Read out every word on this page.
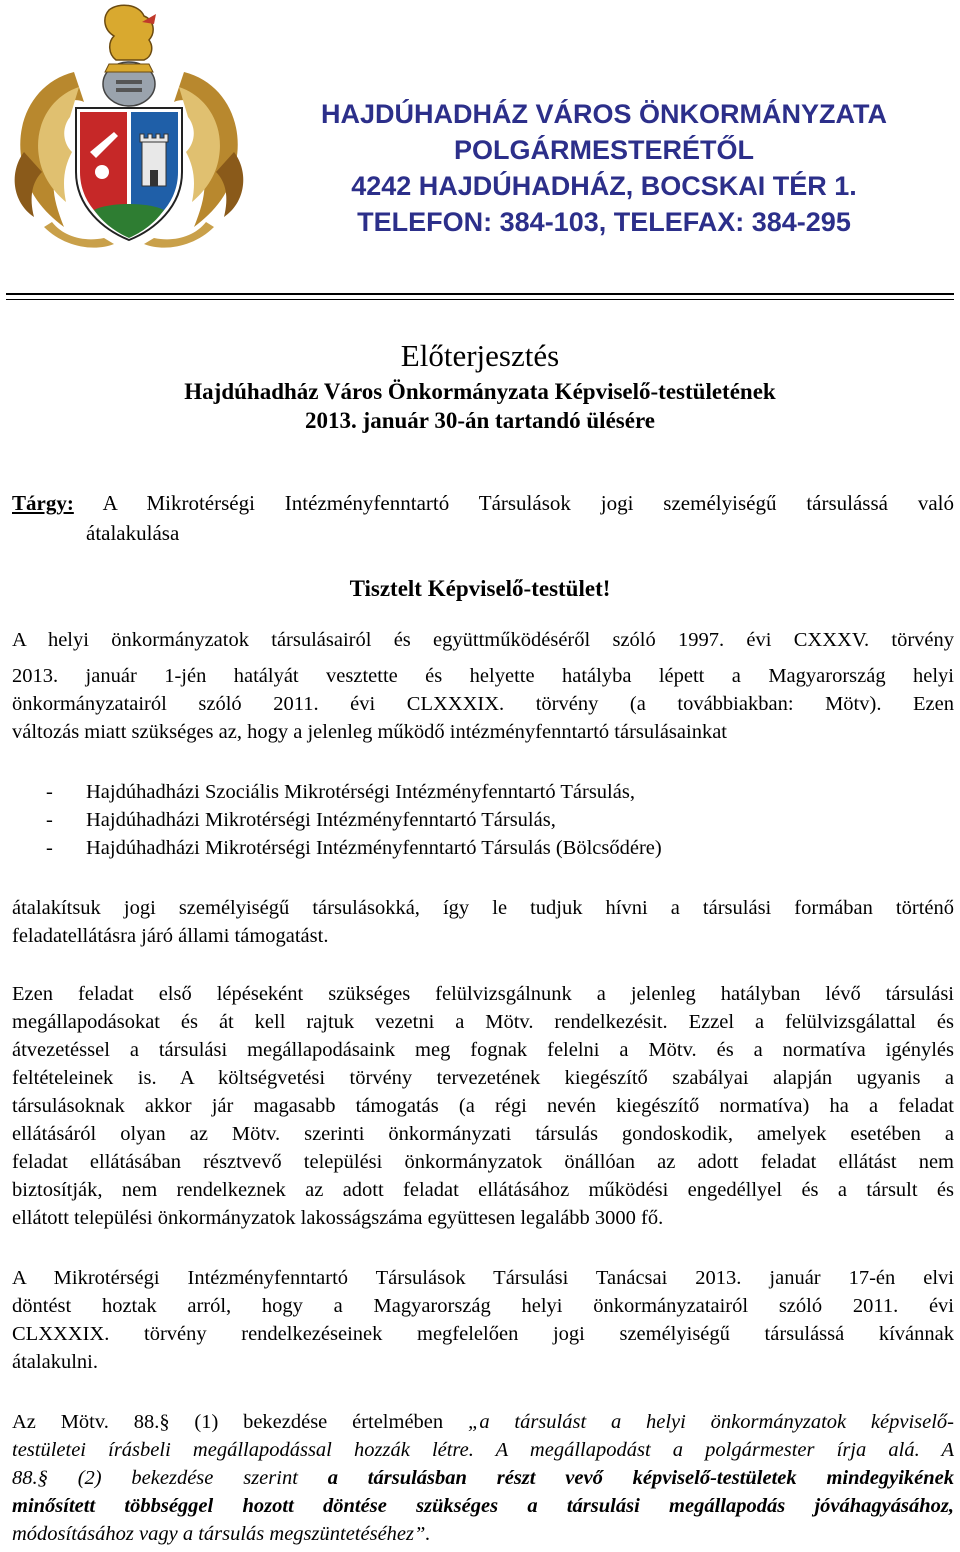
HAJDÚHADHÁZ VÁROS ÖNKORMÁNYZATA
POLGÁRMESTERÉTŐL
4242 HAJDÚHADHÁZ, BOCSKAI TÉR 1.
TELEFON: 384-103, TELEFAX: 384-295
Előterjesztés
Hajdúhadház Város Önkormányzata Képviselő-testületének
2013. január 30-án tartandó ülésére
Tárgy: A Mikrotérségi Intézményfenntartó Társulások jogi személyiségű társulássá való
átalakulása
Tisztelt Képviselő-testület!
A helyi önkormányzatok társulásairól és együttműködéséről szóló 1997. évi CXXXV. törvény
2013. január 1-jén hatályát vesztette és helyette hatályba lépett a Magyarország helyi
önkormányzatairól szóló 2011. évi CLXXXIX. törvény (a továbbiakban: Mötv). Ezen
változás miatt szükséges az, hogy a jelenleg működő intézményfenntartó társulásainkat
- Hajdúhadházi Szociális Mikrotérségi Intézményfenntartó Társulás,
- Hajdúhadházi Mikrotérségi Intézményfenntartó Társulás,
- Hajdúhadházi Mikrotérségi Intézményfenntartó Társulás (Bölcsődére)
átalakítsuk jogi személyiségű társulásokká, így le tudjuk hívni a társulási formában történő
feladatellátásra járó állami támogatást.
Ezen feladat első lépéseként szükséges felülvizsgálnunk a jelenleg hatályban lévő társulási
megállapodásokat és át kell rajtuk vezetni a Mötv. rendelkezésit. Ezzel a felülvizsgálattal és
átvezetéssel a társulási megállapodásaink meg fognak felelni a Mötv. és a normatíva igénylés
feltételeinek is. A költségvetési törvény tervezetének kiegészítő szabályai alapján ugyanis a
társulásoknak akkor jár magasabb támogatás (a régi nevén kiegészítő normatíva) ha a feladat
ellátásáról olyan az Mötv. szerinti önkormányzati társulás gondoskodik, amelyek esetében a
feladat ellátásában résztvevő települési önkormányzatok önállóan az adott feladat ellátást nem
biztosítják, nem rendelkeznek az adott feladat ellátásához működési engedéllyel és a társult és
ellátott települési önkormányzatok lakosságszáma együttesen legalább 3000 fő.
A Mikrotérségi Intézményfenntartó Társulások Társulási Tanácsai 2013. január 17-én elvi
döntést hoztak arról, hogy a Magyarország helyi önkormányzatairól szóló 2011. évi
CLXXXIX. törvény rendelkezéseinek megfelelően jogi személyiségű társulássá kívánnak
átalakulni.
Az Mötv. 88.§ (1) bekezdése értelmében „a társulást a helyi önkormányzatok képviselő-
testületei írásbeli megállapodással hozzák létre. A megállapodást a polgármester írja alá. A
88.§ (2) bekezdése szerint a társulásban részt vevő képviselő-testületek mindegyikének
minősített többséggel hozott döntése szükséges a társulási megállapodás jóváhagyásához,
módosításához vagy a társulás megszüntetéséhez”.
